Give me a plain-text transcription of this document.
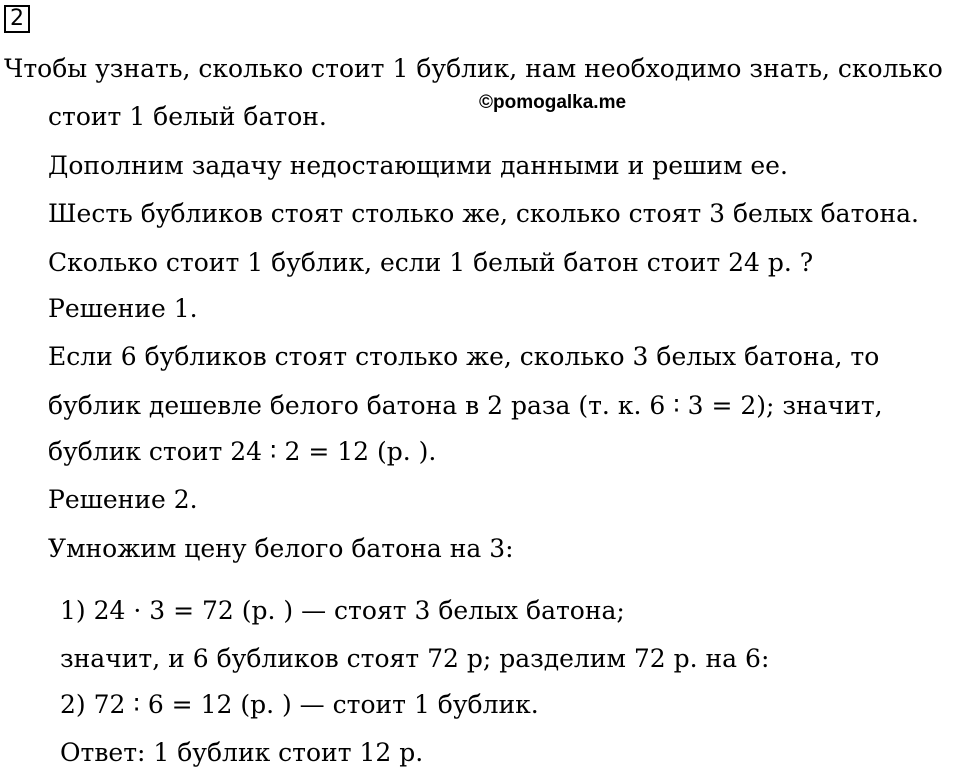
2
©pomogalka.me
Чтобы узнать, сколько стоит 1 бублик, нам необходимо знать, сколько
стоит 1 белый батон.
Дополним задачу недостающими данными и решим ее.
Шесть бубликов стоят столько же, сколько стоят 3 белых батона.
Сколько стоит 1 бублик, если 1 белый батон стоит 24 р. ?
Решение 1.
Если 6 бубликов стоят столько же, сколько 3 белых батона, то
бублик дешевле белого батона в 2 раза (т. к. 6 ∶ 3 = 2); значит,
бублик стоит 24 ∶ 2 = 12 (р. ).
Решение 2.
Умножим цену белого батона на 3:
1) 24 · 3 = 72 (р. ) — стоят 3 белых батона;
значит, и 6 бубликов стоят 72 р; разделим 72 р. на 6:
2) 72 ∶ 6 = 12 (р. ) — стоит 1 бублик.
Ответ: 1 бублик стоит 12 р.
